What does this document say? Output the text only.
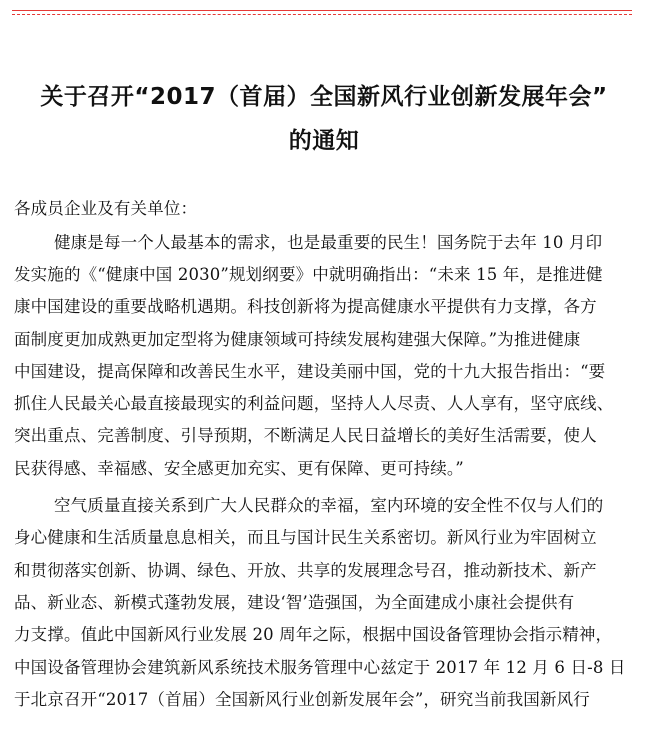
关于召开“2017（首届）全国新风行业创新发展年会”
的通知
各成员企业及有关单位：
健康是每一个人最基本的需求，也是最重要的民生！国务院于去年 10 月印
发实施的《“健康中国 2030”规划纲要》中就明确指出：“未来 15 年，是推进健
康中国建设的重要战略机遇期。科技创新将为提高健康水平提供有力支撑，各方
面制度更加成熟更加定型将为健康领域可持续发展构建强大保障。”为推进健康
中国建设，提高保障和改善民生水平，建设美丽中国，党的十九大报告指出：“要
抓住人民最关心最直接最现实的利益问题，坚持人人尽责、人人享有，坚守底线、
突出重点、完善制度、引导预期，不断满足人民日益增长的美好生活需要，使人
民获得感、幸福感、安全感更加充实、更有保障、更可持续。”
空气质量直接关系到广大人民群众的幸福，室内环境的安全性不仅与人们的
身心健康和生活质量息息相关，而且与国计民生关系密切。新风行业为牢固树立
和贯彻落实创新、协调、绿色、开放、共享的发展理念号召，推动新技术、新产
品、新业态、新模式蓬勃发展，建设‘智’造强国，为全面建成小康社会提供有
力支撑。值此中国新风行业发展 20 周年之际，根据中国设备管理协会指示精神，
中国设备管理协会建筑新风系统技术服务管理中心兹定于 2017 年 12 月 6 日-8 日
于北京召开“2017（首届）全国新风行业创新发展年会”，研究当前我国新风行
